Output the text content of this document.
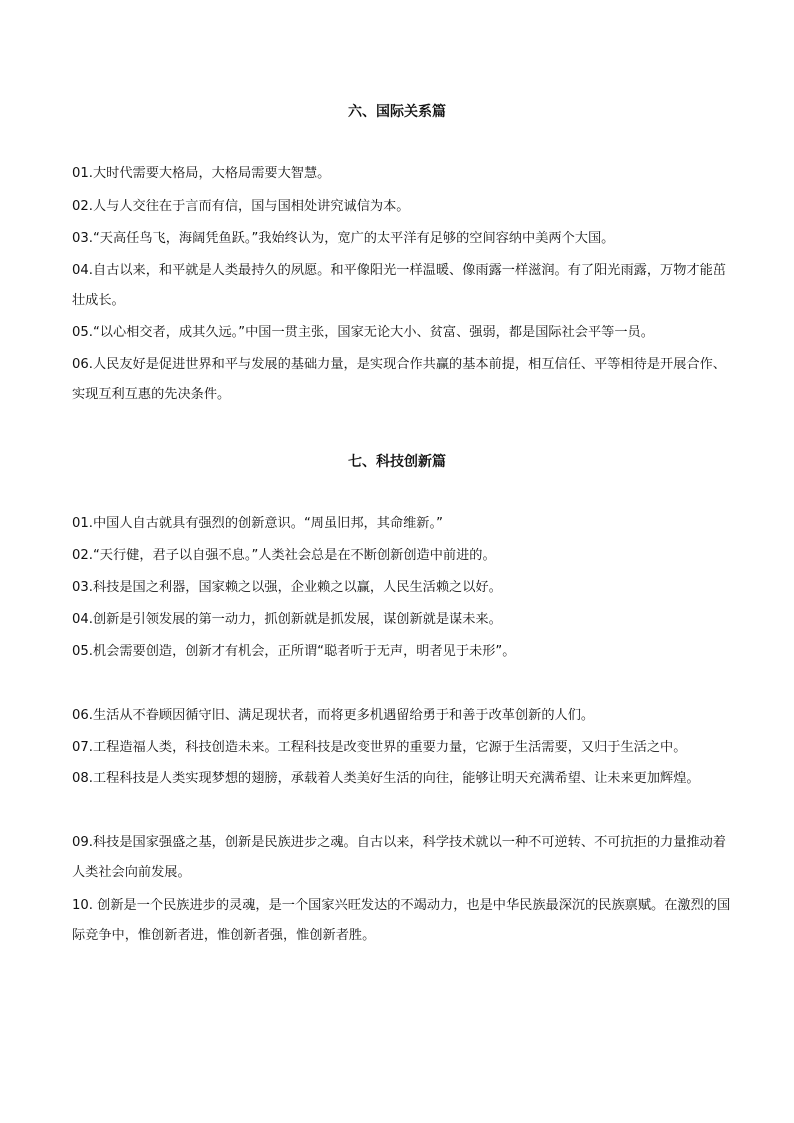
六、国际关系篇

01.大时代需要大格局，大格局需要大智慧。

02.人与人交往在于言而有信，国与国相处讲究诚信为本。

03.“天高任鸟飞，海阔凭鱼跃。”我始终认为，宽广的太平洋有足够的空间容纳中美两个大国。

04.自古以来，和平就是人类最持久的夙愿。和平像阳光一样温暖、像雨露一样滋润。有了阳光雨露，万物才能茁壮成长。

05.“以心相交者，成其久远。”中国一贯主张，国家无论大小、贫富、强弱，都是国际社会平等一员。

06.人民友好是促进世界和平与发展的基础力量，是实现合作共赢的基本前提，相互信任、平等相待是开展合作、实现互利互惠的先决条件。

七、科技创新篇

01.中国人自古就具有强烈的创新意识。“周虽旧邦，其命维新。”

02.“天行健，君子以自强不息。”人类社会总是在不断创新创造中前进的。

03.科技是国之利器，国家赖之以强，企业赖之以赢，人民生活赖之以好。

04.创新是引领发展的第一动力，抓创新就是抓发展，谋创新就是谋未来。

05.机会需要创造，创新才有机会，正所谓“聪者听于无声，明者见于未形”。

06.生活从不眷顾因循守旧、满足现状者，而将更多机遇留给勇于和善于改革创新的人们。

07.工程造福人类，科技创造未来。工程科技是改变世界的重要力量，它源于生活需要，又归于生活之中。

08.工程科技是人类实现梦想的翅膀，承载着人类美好生活的向往，能够让明天充满希望、让未来更加辉煌。

09.科技是国家强盛之基，创新是民族进步之魂。自古以来，科学技术就以一种不可逆转、不可抗拒的力量推动着人类社会向前发展。

10. 创新是一个民族进步的灵魂，是一个国家兴旺发达的不竭动力，也是中华民族最深沉的民族禀赋。在激烈的国际竞争中，惟创新者进，惟创新者强，惟创新者胜。
